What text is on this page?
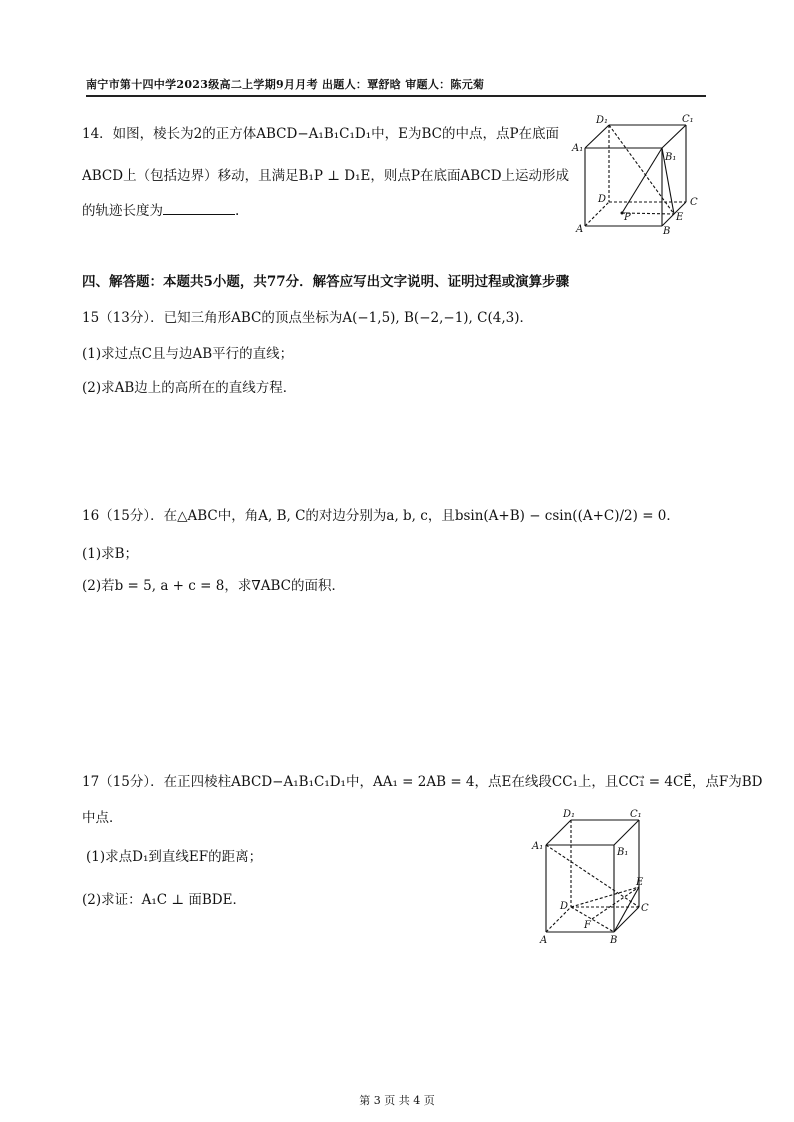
南宁市第十四中学2023级高二上学期9月月考 出题人：覃舒晗 审题人：陈元菊
14．如图，棱长为2的正方体ABCD−A₁B₁C₁D₁中，E为BC的中点，点P在底面
ABCD上（包括边界）移动，且满足B₁P ⊥ D₁E，则点P在底面ABCD上运动形成
的轨迹长度为	.
D₁	C₁
A₁
B₁
D	C
A	B
E
P
四、解答题：本题共5小题，共77分．解答应写出文字说明、证明过程或演算步骤
15（13分）．已知三角形ABC的顶点坐标为A(−1,5), B(−2,−1), C(4,3)．
(1)求过点C且与边AB平行的直线；
(2)求AB边上的高所在的直线方程．
16（15分）．在△ABC中，角A, B, C的对边分别为a, b, c，且bsin(A+B) − csin((A+C)/2) = 0．
(1)求B；
(2)若b = 5, a + c = 8，求∇ABC的面积．
17（15分）．在正四棱柱ABCD−A₁B₁C₁D₁中，AA₁ = 2AB = 4，点E在线段CC₁上，且CC₁⃗ = 4CE⃗，点F为BD
中点．
(1)求点D₁到直线EF的距离；
(2)求证：A₁C ⊥ 面BDE．
D₁	C₁
A₁
B₁
E
D	C
F
A	B
第 3 页 共 4 页
